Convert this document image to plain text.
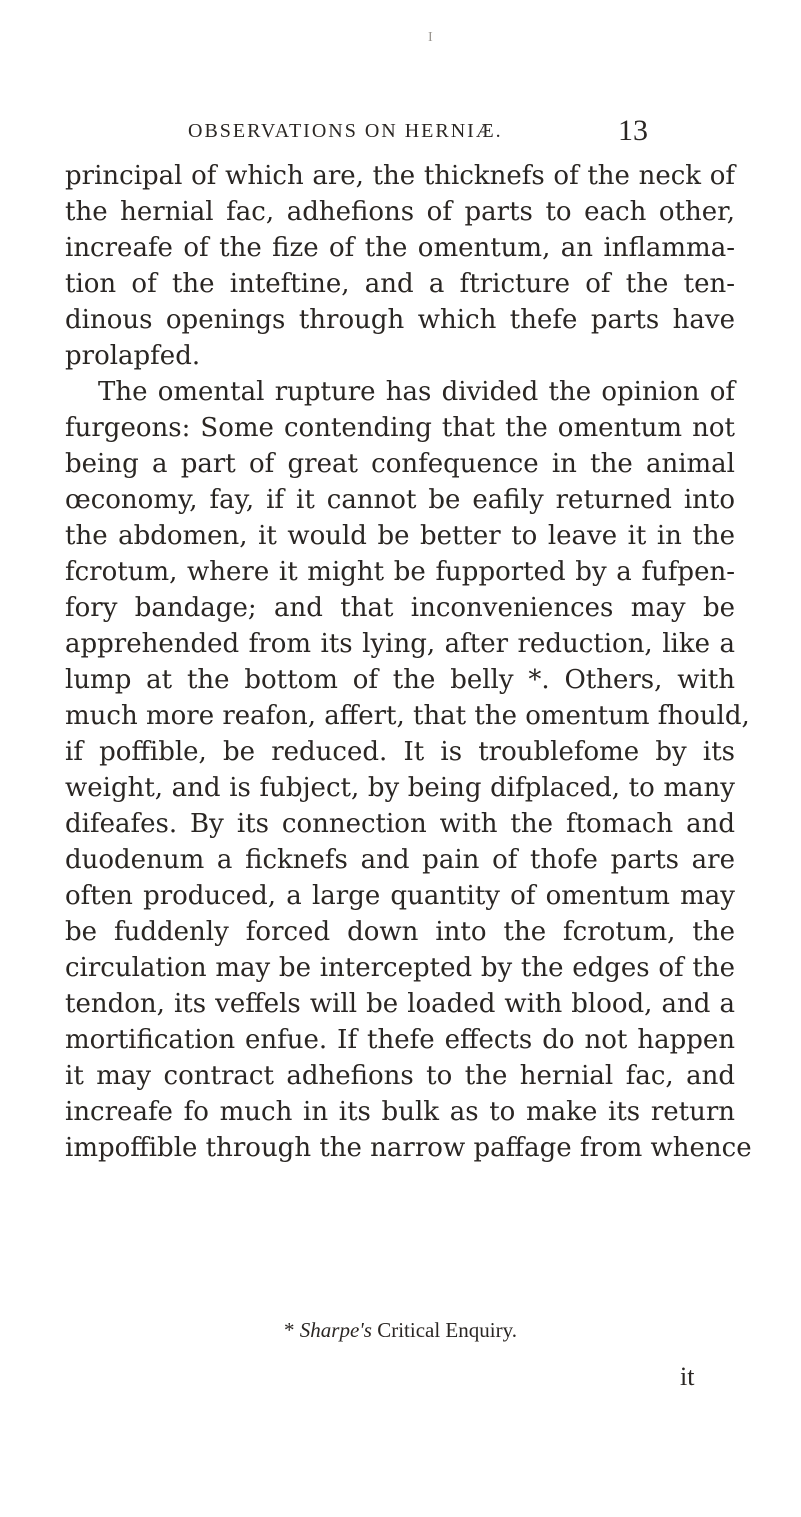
I
OBSERVATIONS ON HERNIÆ.	13
principal of which are, the thicknefs of the neck of
the hernial fac, adhefions of parts to each other,
increafe of the fize of the omentum, an inflamma-
tion of the inteftine, and a ftricture of the ten-
dinous openings through which thefe parts have
prolapfed.
The omental rupture has divided the opinion of
furgeons: Some contending that the omentum not
being a part of great confequence in the animal
œconomy, fay, if it cannot be eafily returned into
the abdomen, it would be better to leave it in the
fcrotum, where it might be fupported by a fufpen-
fory bandage; and that inconveniences may be
apprehended from its lying, after reduction, like a
lump at the bottom of the belly *. Others, with
much more reafon, affert, that the omentum fhould,
if poffible, be reduced. It is troublefome by its
weight, and is fubject, by being difplaced, to many
difeafes. By its connection with the ftomach and
duodenum a ficknefs and pain of thofe parts are
often produced, a large quantity of omentum may
be fuddenly forced down into the fcrotum, the
circulation may be intercepted by the edges of the
tendon, its veffels will be loaded with blood, and a
mortification enfue. If thefe effects do not happen
it may contract adhefions to the hernial fac, and
increafe fo much in its bulk as to make its return
impoffible through the narrow paffage from whence
* Sharpe's Critical Enquiry.
it
